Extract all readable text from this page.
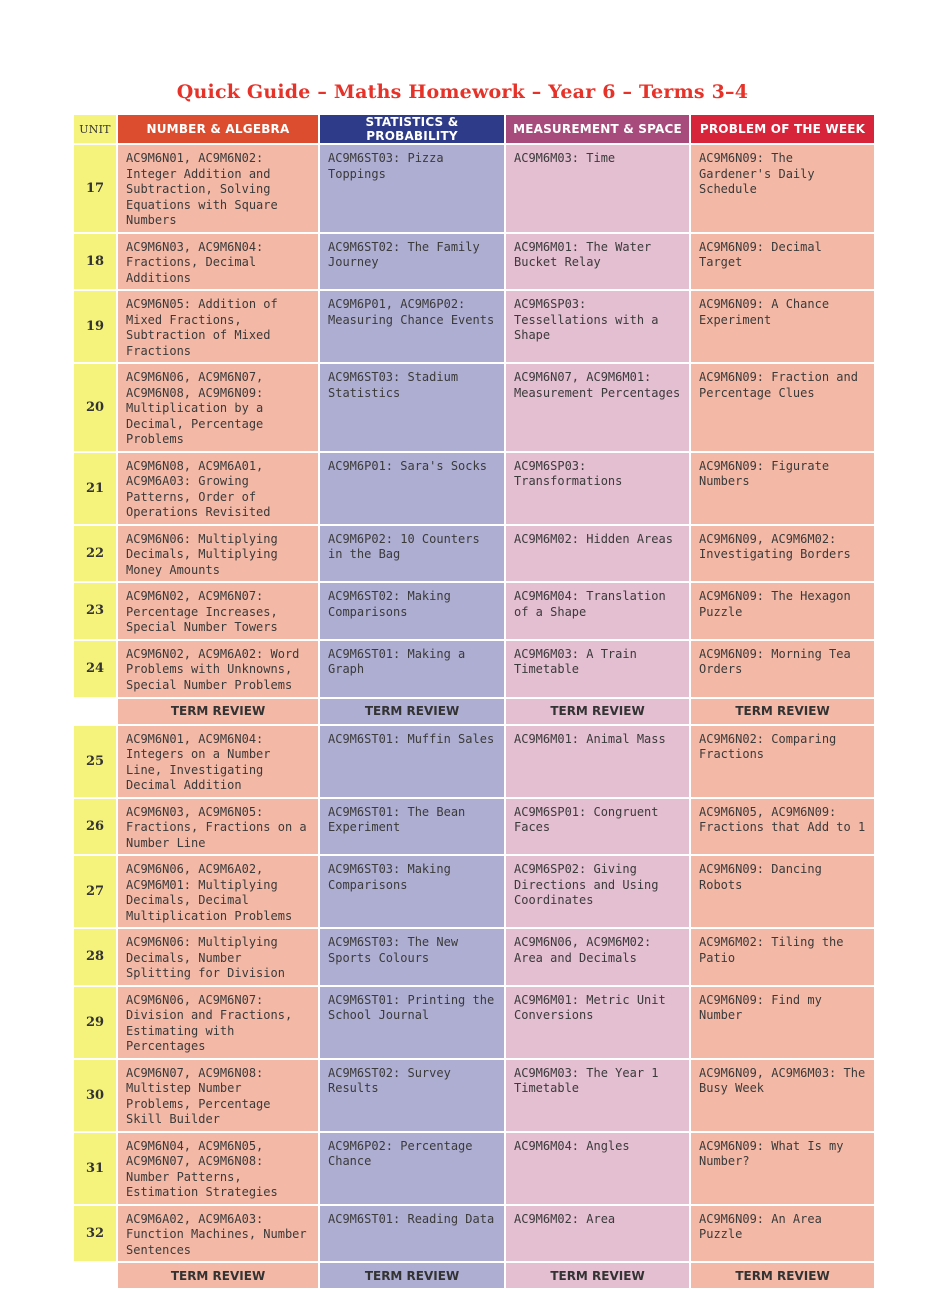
Quick Guide – Maths Homework – Year 6 – Terms 3–4
UNIT	NUMBER & ALGEBRA	STATISTICS & PROBABILITY	MEASUREMENT & SPACE	PROBLEM OF THE WEEK
17	AC9M6N01, AC9M6N02: Integer Addition and Subtraction, Solving Equations with Square Numbers	AC9M6ST03: Pizza Toppings	AC9M6M03: Time	AC9M6N09: The Gardener's Daily Schedule

18	AC9M6N03, AC9M6N04: Fractions, Decimal Additions	AC9M6ST02: The Family Journey	AC9M6M01: The Water Bucket Relay	AC9M6N09: Decimal Target

19	AC9M6N05: Addition of Mixed Fractions, Subtraction of Mixed Fractions	AC9M6P01, AC9M6P02: Measuring Chance Events	AC9M6SP03: Tessellations with a Shape	AC9M6N09: A Chance Experiment

20	AC9M6N06, AC9M6N07, AC9M6N08, AC9M6N09: Multiplication by a Decimal, Percentage Problems	AC9M6ST03: Stadium Statistics	AC9M6N07, AC9M6M01: Measurement Percentages	AC9M6N09: Fraction and Percentage Clues

21	AC9M6N08, AC9M6A01, AC9M6A03: Growing Patterns, Order of Operations Revisited	AC9M6P01: Sara's Socks	AC9M6SP03: Transformations	AC9M6N09: Figurate Numbers

22	AC9M6N06: Multiplying Decimals, Multiplying Money Amounts	AC9M6P02: 10 Counters in the Bag	AC9M6M02: Hidden Areas	AC9M6N09, AC9M6M02: Investigating Borders

23	AC9M6N02, AC9M6N07: Percentage Increases, Special Number Towers	AC9M6ST02: Making Comparisons	AC9M6M04: Translation of a Shape	AC9M6N09: The Hexagon Puzzle

24	AC9M6N02, AC9M6A02: Word Problems with Unknowns, Special Number Problems	AC9M6ST01: Making a Graph	AC9M6M03: A Train Timetable	AC9M6N09: Morning Tea Orders

	TERM REVIEW	TERM REVIEW	TERM REVIEW	TERM REVIEW
25	AC9M6N01, AC9M6N04: Integers on a Number Line, Investigating Decimal Addition	AC9M6ST01: Muffin Sales	AC9M6M01: Animal Mass	AC9M6N02: Comparing Fractions

26	AC9M6N03, AC9M6N05: Fractions, Fractions on a Number Line	AC9M6ST01: The Bean Experiment	AC9M6SP01: Congruent Faces	AC9M6N05, AC9M6N09: Fractions that Add to 1

27	AC9M6N06, AC9M6A02, AC9M6M01: Multiplying Decimals, Decimal Multiplication Problems	AC9M6ST03: Making Comparisons	AC9M6SP02: Giving Directions and Using Coordinates	AC9M6N09: Dancing Robots

28	AC9M6N06: Multiplying Decimals, Number Splitting for Division	AC9M6ST03: The New Sports Colours	AC9M6N06, AC9M6M02: Area and Decimals	AC9M6M02: Tiling the Patio

29	AC9M6N06, AC9M6N07: Division and Fractions, Estimating with Percentages	AC9M6ST01: Printing the School Journal	AC9M6M01: Metric Unit Conversions	AC9M6N09: Find my Number

30	AC9M6N07, AC9M6N08: Multistep Number Problems, Percentage Skill Builder	AC9M6ST02: Survey Results	AC9M6M03: The Year 1 Timetable	AC9M6N09, AC9M6M03: The Busy Week

31	AC9M6N04, AC9M6N05, AC9M6N07, AC9M6N08: Number Patterns, Estimation Strategies	AC9M6P02: Percentage Chance	AC9M6M04: Angles	AC9M6N09: What Is my Number?

32	AC9M6A02, AC9M6A03: Function Machines, Number Sentences	AC9M6ST01: Reading Data	AC9M6M02: Area	AC9M6N09: An Area Puzzle

	TERM REVIEW	TERM REVIEW	TERM REVIEW	TERM REVIEW
